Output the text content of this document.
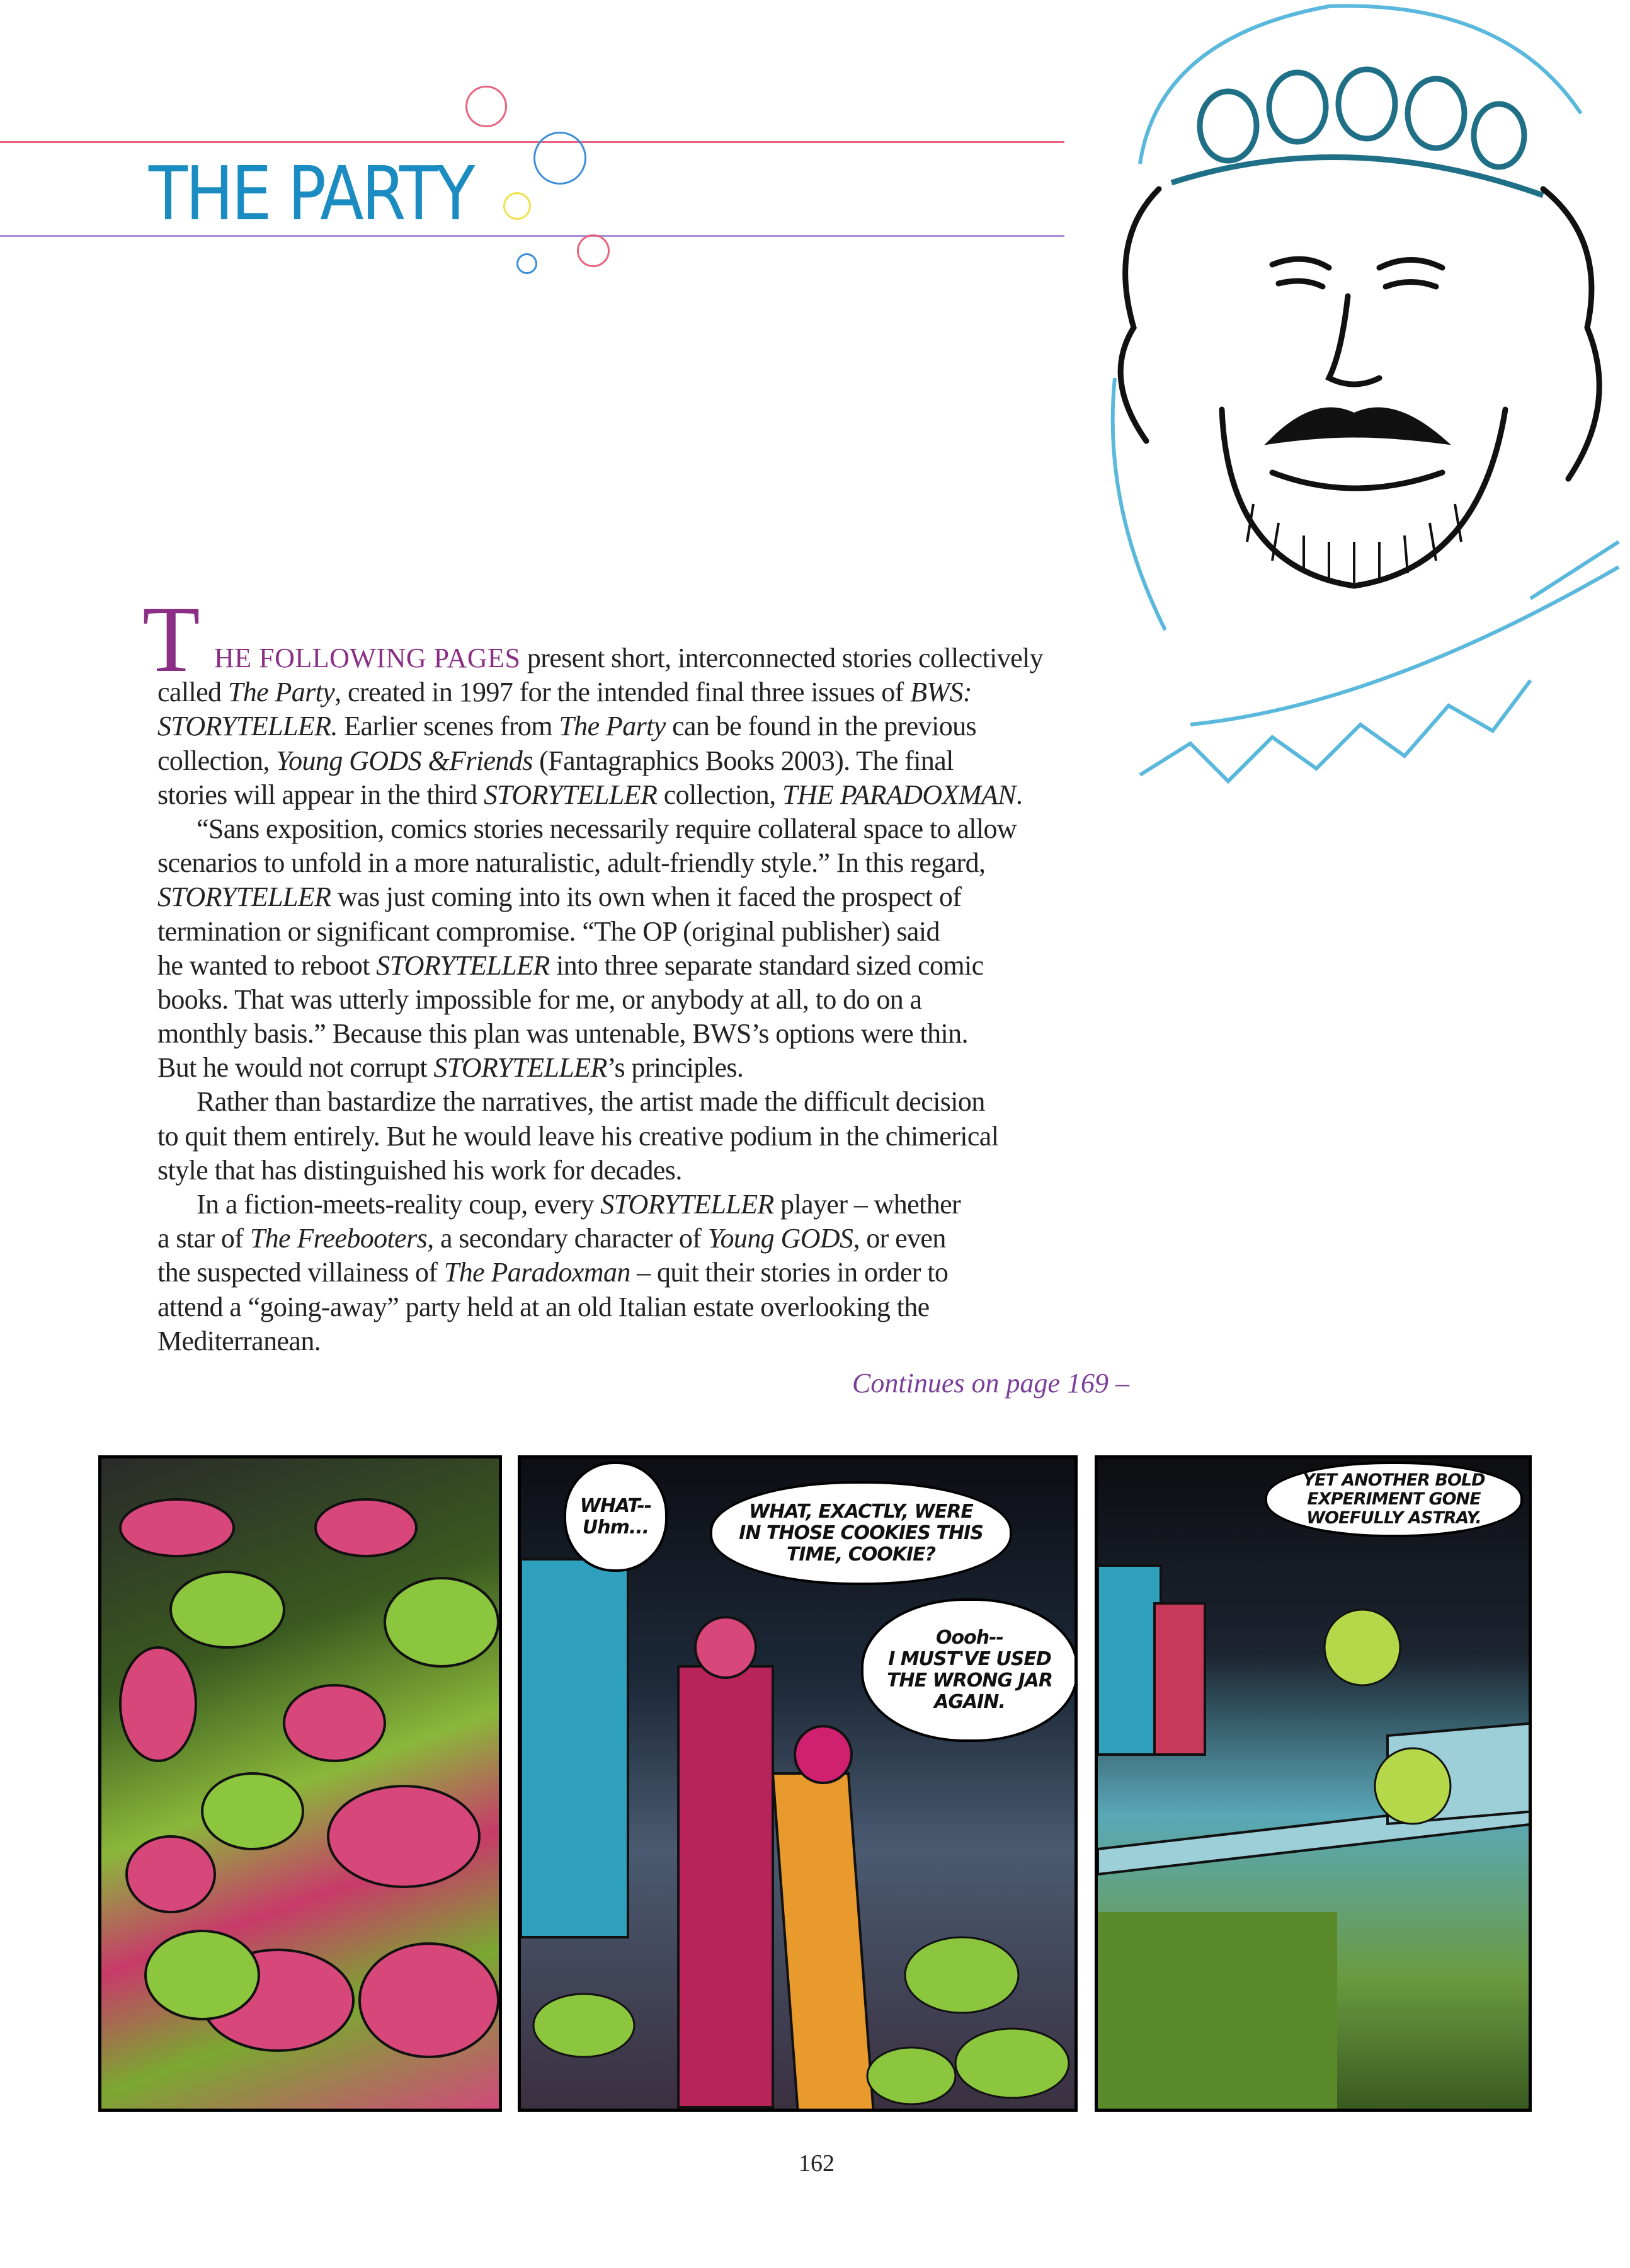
THE PARTY
T HE FOLLOWING PAGES present short, interconnected stories collectively
called The Party, created in 1997 for the intended final three issues of BWS:
STORYTELLER. Earlier scenes from The Party can be found in the previous
collection, Young GODS &Friends (Fantagraphics Books 2003). The final
stories will appear in the third STORYTELLER collection, THE PARADOXMAN.
“Sans exposition, comics stories necessarily require collateral space to allow
scenarios to unfold in a more naturalistic, adult-friendly style.” In this regard,
STORYTELLER was just coming into its own when it faced the prospect of
termination or significant compromise. “The OP (original publisher) said
he wanted to reboot STORYTELLER into three separate standard sized comic
books. That was utterly impossible for me, or anybody at all, to do on a
monthly basis.” Because this plan was untenable, BWS’s options were thin.
But he would not corrupt STORYTELLER’s principles.
Rather than bastardize the narratives, the artist made the difficult decision
to quit them entirely. But he would leave his creative podium in the chimerical
style that has distinguished his work for decades.
In a fiction-meets-reality coup, every STORYTELLER player – whether
a star of The Freebooters, a secondary character of Young GODS, or even
the suspected villainess of The Paradoxman – quit their stories in order to
attend a “going-away” party held at an old Italian estate overlooking the
Mediterranean.
Continues on page 169 –
WHAT--
Uhm...
WHAT, EXACTLY, WERE
IN THOSE COOKIES THIS
TIME, COOKIE?
Oooh--
I MUST'VE USED
THE WRONG JAR
AGAIN.
YET ANOTHER BOLD
EXPERIMENT GONE
WOEFULLY ASTRAY.
162
